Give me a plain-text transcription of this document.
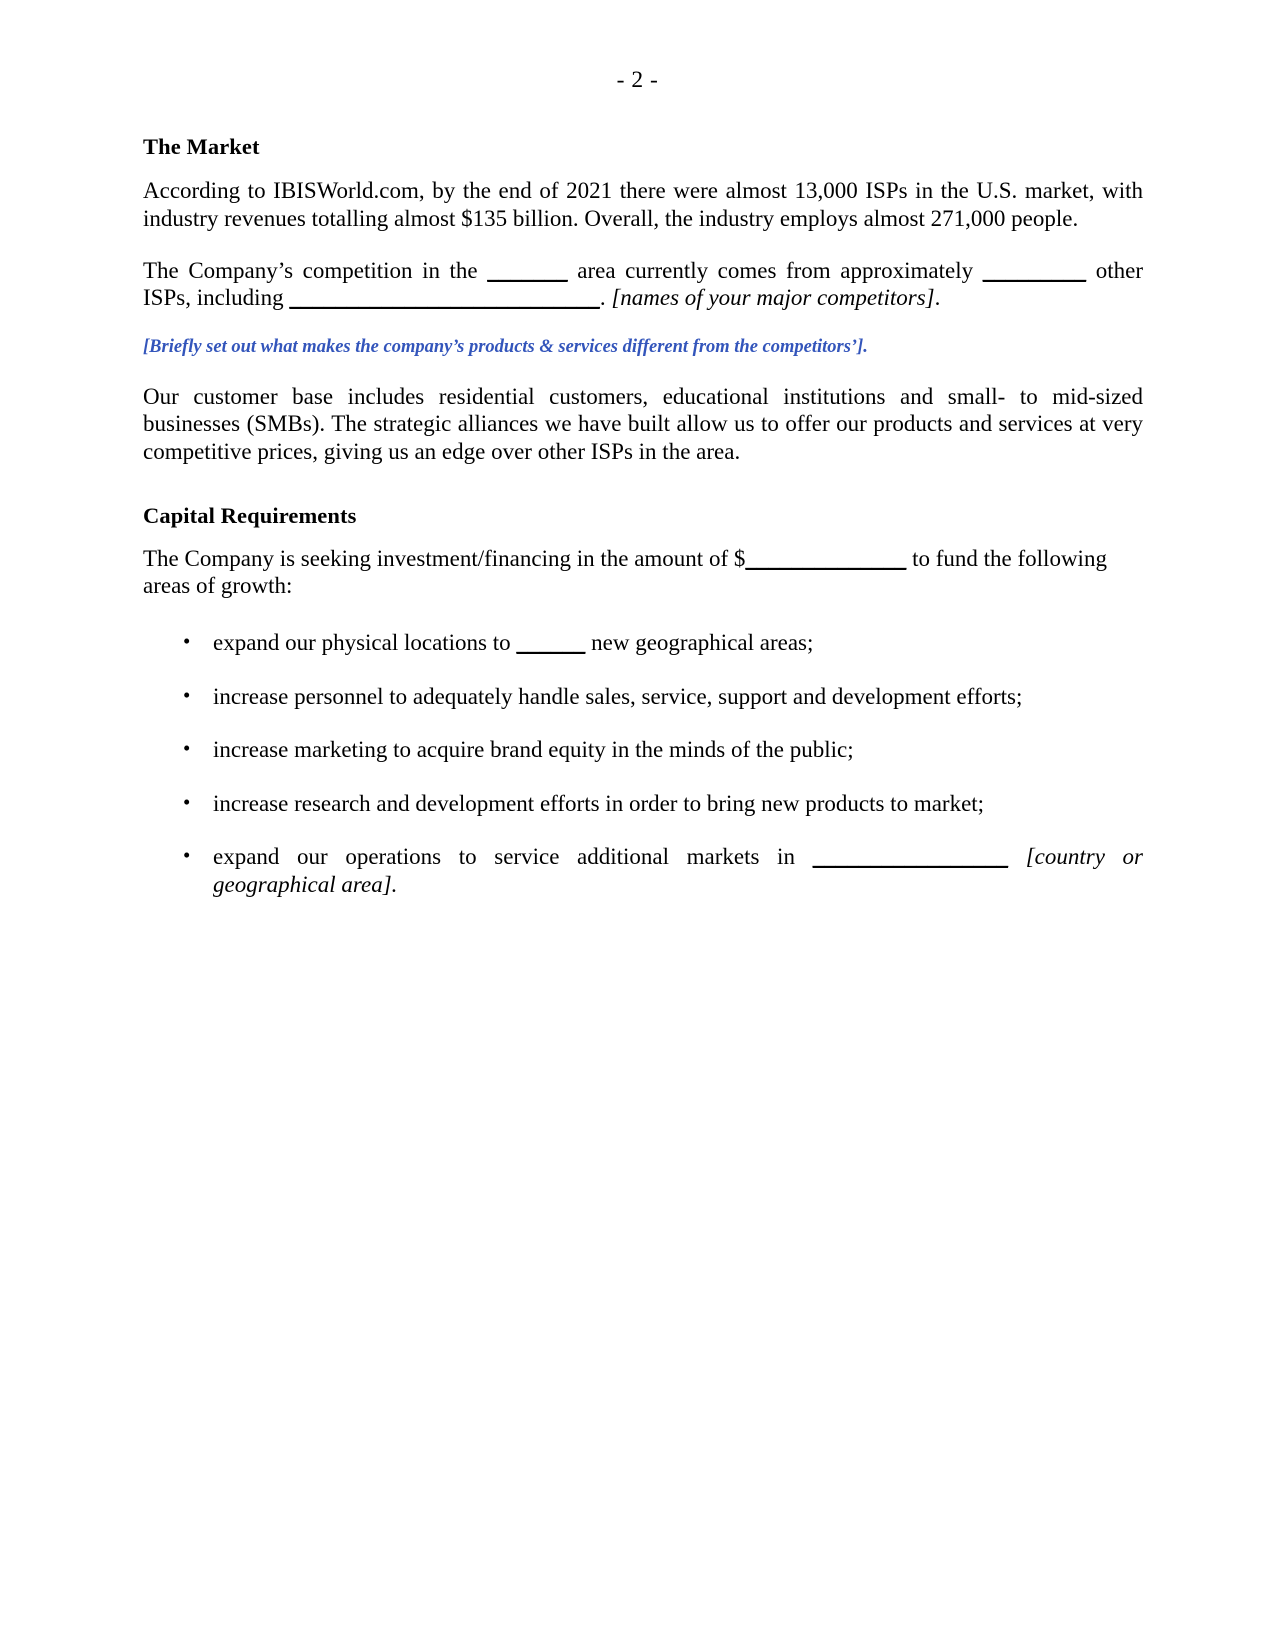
- 2 -
The Market

According to IBISWorld.com, by the end of 2021 there were almost 13,000 ISPs in the U.S. market, with industry revenues totalling almost $135 billion. Overall, the industry employs almost 271,000 people.

The Company’s competition in the _______ area currently comes from approximately _________ other ISPs, including ___________________________. [names of your major competitors].

[Briefly set out what makes the company’s products & services different from the competitors’].

Our customer base includes residential customers, educational institutions and small- to mid-sized businesses (SMBs). The strategic alliances we have built allow us to offer our products and services at very competitive prices, giving us an edge over other ISPs in the area.

Capital Requirements

The Company is seeking investment/financing in the amount of $______________ to fund the following areas of growth:

• expand our physical locations to ______ new geographical areas;
• increase personnel to adequately handle sales, service, support and development efforts;
• increase marketing to acquire brand equity in the minds of the public;
• increase research and development efforts in order to bring new products to market;
• expand our operations to service additional markets in _________________ [country or geographical area].
